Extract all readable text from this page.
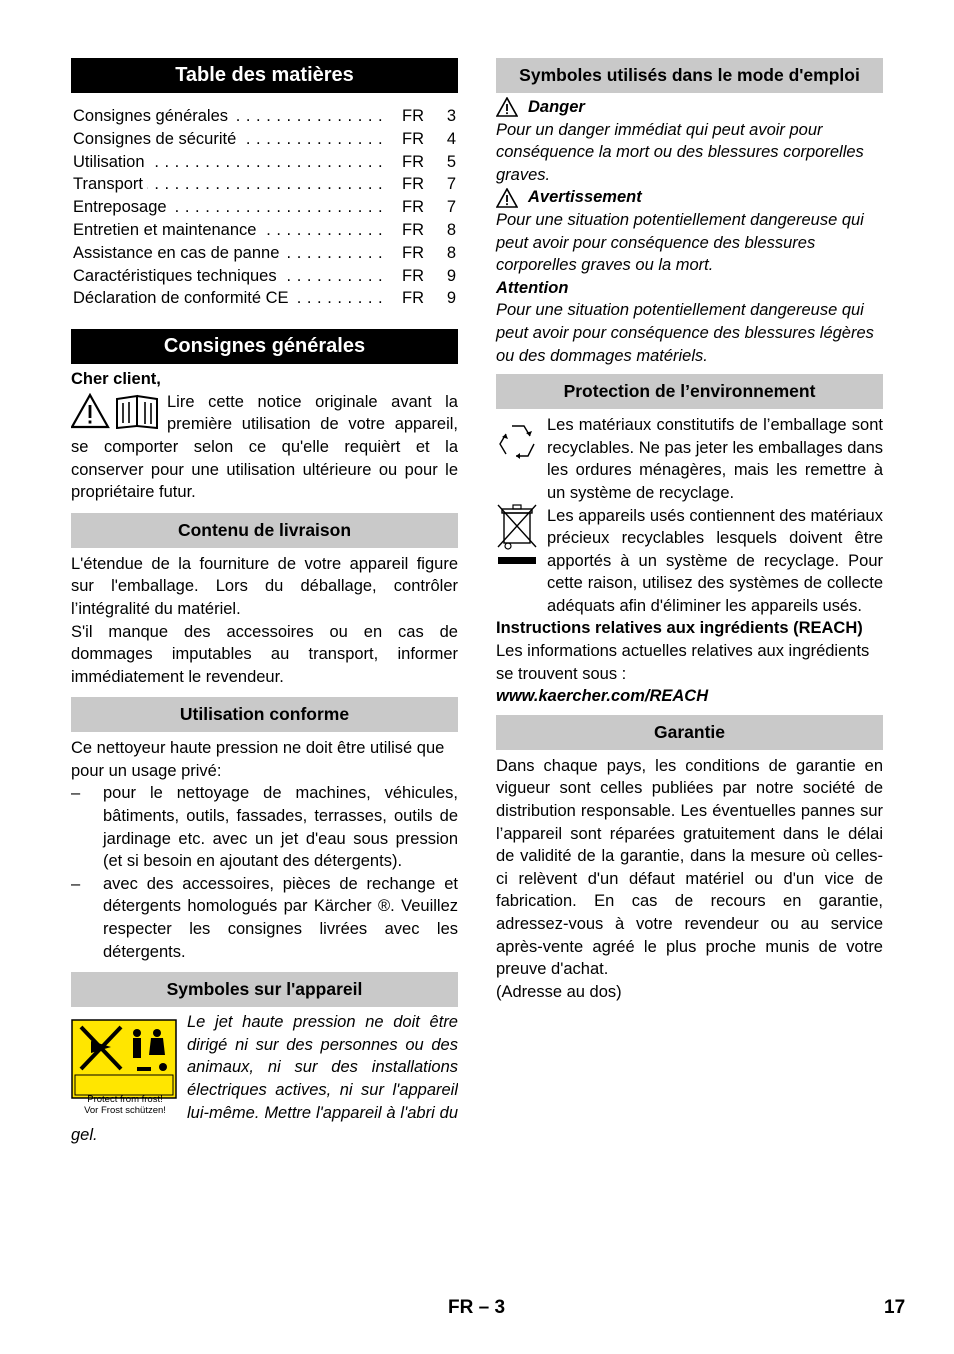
Table des matières
Consignes générales . . .	FR	3
Consignes de sécurité . . .	FR	4
Utilisation . . .	FR	5
Transport . . .	FR	7
Entreposage . . .	FR	7
Entretien et maintenance . . .	FR	8
Assistance en cas de panne . . .	FR	8
Caractéristiques techniques . . .	FR	9
Déclaration de conformité CE . . .	FR	9
Consignes générales

Cher client,

Lire cette notice originale avant la première utilisation de votre appareil, se comporter selon ce qu'elle requièrt et la conserver pour une utilisation ultérieure ou pour le propriétaire futur.

Contenu de livraison

L'étendue de la fourniture de votre appareil figure sur l'emballage. Lors du déballage, contrôler l’intégralité du matériel.

S'il manque des accessoires ou en cas de dommages imputables au transport, informer immédiatement le revendeur.

Utilisation conforme

Ce nettoyeur haute pression ne doit être utilisé que pour un usage privé:

–	pour le nettoyage de machines, véhicules, bâtiments, outils, fassades, terrasses, outils de jardinage etc. avec un jet d'eau sous pression (et si besoin en ajoutant des détergents).
–	avec des accessoires, pièces de rechange et détergents homologués par Kärcher ®. Veuillez respecter les consignes livrées avec les détergents.
Symboles sur l'appareil
Le jet haute pression ne doit être dirigé ni sur des personnes ou des animaux, ni sur des installations électriques actives, ni sur l'appareil lui-même. Mettre l'appareil à l'abri du gel.
Protect from frost!
Vor Frost schützen!
Symboles utilisés dans le mode d'emploi
Danger

Pour un danger immédiat qui peut avoir pour conséquence la mort ou des blessures corporelles graves.

Avertissement

Pour une situation potentiellement dangereuse qui peut avoir pour conséquence des blessures corporelles graves ou la mort.

Attention

Pour une situation potentiellement dangereuse qui peut avoir pour conséquence des blessures légères ou des dommages matériels.

Protection de l’environnement

Les matériaux constitutifs de l’emballage sont recyclables. Ne pas jeter les emballages dans les ordures ménagères, mais les remettre à un système de recyclage.

Les appareils usés contiennent des matériaux précieux recyclables lesquels doivent être apportés à un système de recyclage. Pour cette raison, utilisez des systèmes de collecte adéquats afin d'éliminer les appareils usés.

Instructions relatives aux ingrédients (REACH)

Les informations actuelles relatives aux ingrédients se trouvent sous :

www.kaercher.com/REACH

Garantie

Dans chaque pays, les conditions de garantie en vigueur sont celles publiées par notre société de distribution responsable. Les éventuelles pannes sur l’appareil sont réparées gratuitement dans le délai de validité de la garantie, dans la mesure où celles-ci relèvent d'un défaut matériel ou d'un vice de fabrication. En cas de recours en garantie, adressez-vous à votre revendeur ou au service après-vente agréé le plus proche munis de votre preuve d'achat.

(Adresse au dos)

FR – 3	17
